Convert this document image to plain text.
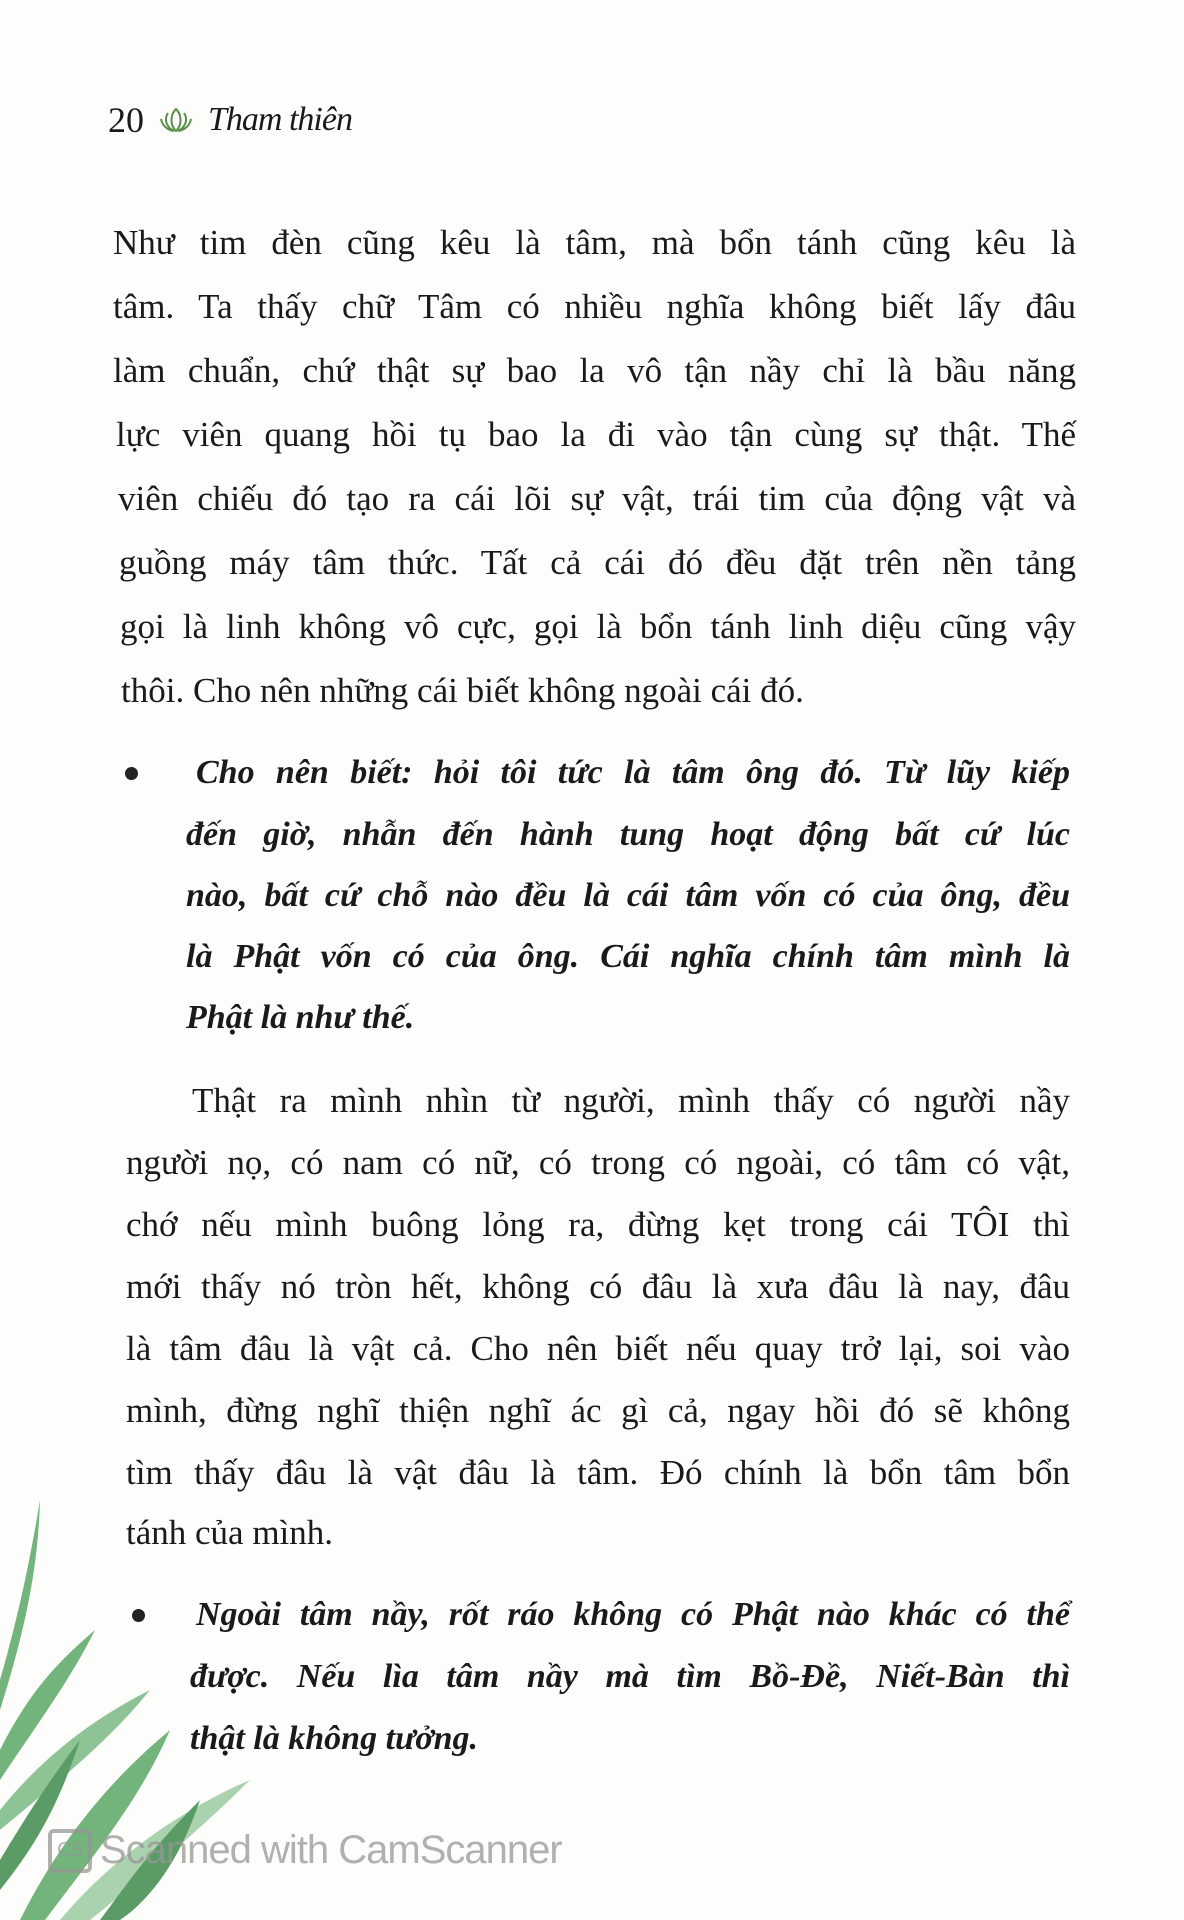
20 Tham thiên
Như tim đèn cũng kêu là tâm, mà bổn tánh cũng kêu là
tâm. Ta thấy chữ Tâm có nhiều nghĩa không biết lấy đâu
làm chuẩn, chứ thật sự bao la vô tận nầy chỉ là bầu năng
lực viên quang hồi tụ bao la đi vào tận cùng sự thật. Thế
viên chiếu đó tạo ra cái lõi sự vật, trái tim của động vật và
guồng máy tâm thức. Tất cả cái đó đều đặt trên nền tảng
gọi là linh không vô cực, gọi là bổn tánh linh diệu cũng vậy
thôi. Cho nên những cái biết không ngoài cái đó.
Cho nên biết: hỏi tôi tức là tâm ông đó. Từ lũy kiếp
đến giờ, nhẫn đến hành tung hoạt động bất cứ lúc
nào, bất cứ chỗ nào đều là cái tâm vốn có của ông, đều
là Phật vốn có của ông. Cái nghĩa chính tâm mình là
Phật là như thế.
Thật ra mình nhìn từ người, mình thấy có người nầy
người nọ, có nam có nữ, có trong có ngoài, có tâm có vật,
chớ nếu mình buông lỏng ra, đừng kẹt trong cái TÔI thì
mới thấy nó tròn hết, không có đâu là xưa đâu là nay, đâu
là tâm đâu là vật cả. Cho nên biết nếu quay trở lại, soi vào
mình, đừng nghĩ thiện nghĩ ác gì cả, ngay hồi đó sẽ không
tìm thấy đâu là vật đâu là tâm. Đó chính là bổn tâm bổn
tánh của mình.
Ngoài tâm nầy, rốt ráo không có Phật nào khác có thể
được. Nếu lìa tâm nầy mà tìm Bồ-Đề, Niết-Bàn thì
thật là không tưởng.
CS Scanned with CamScanner
